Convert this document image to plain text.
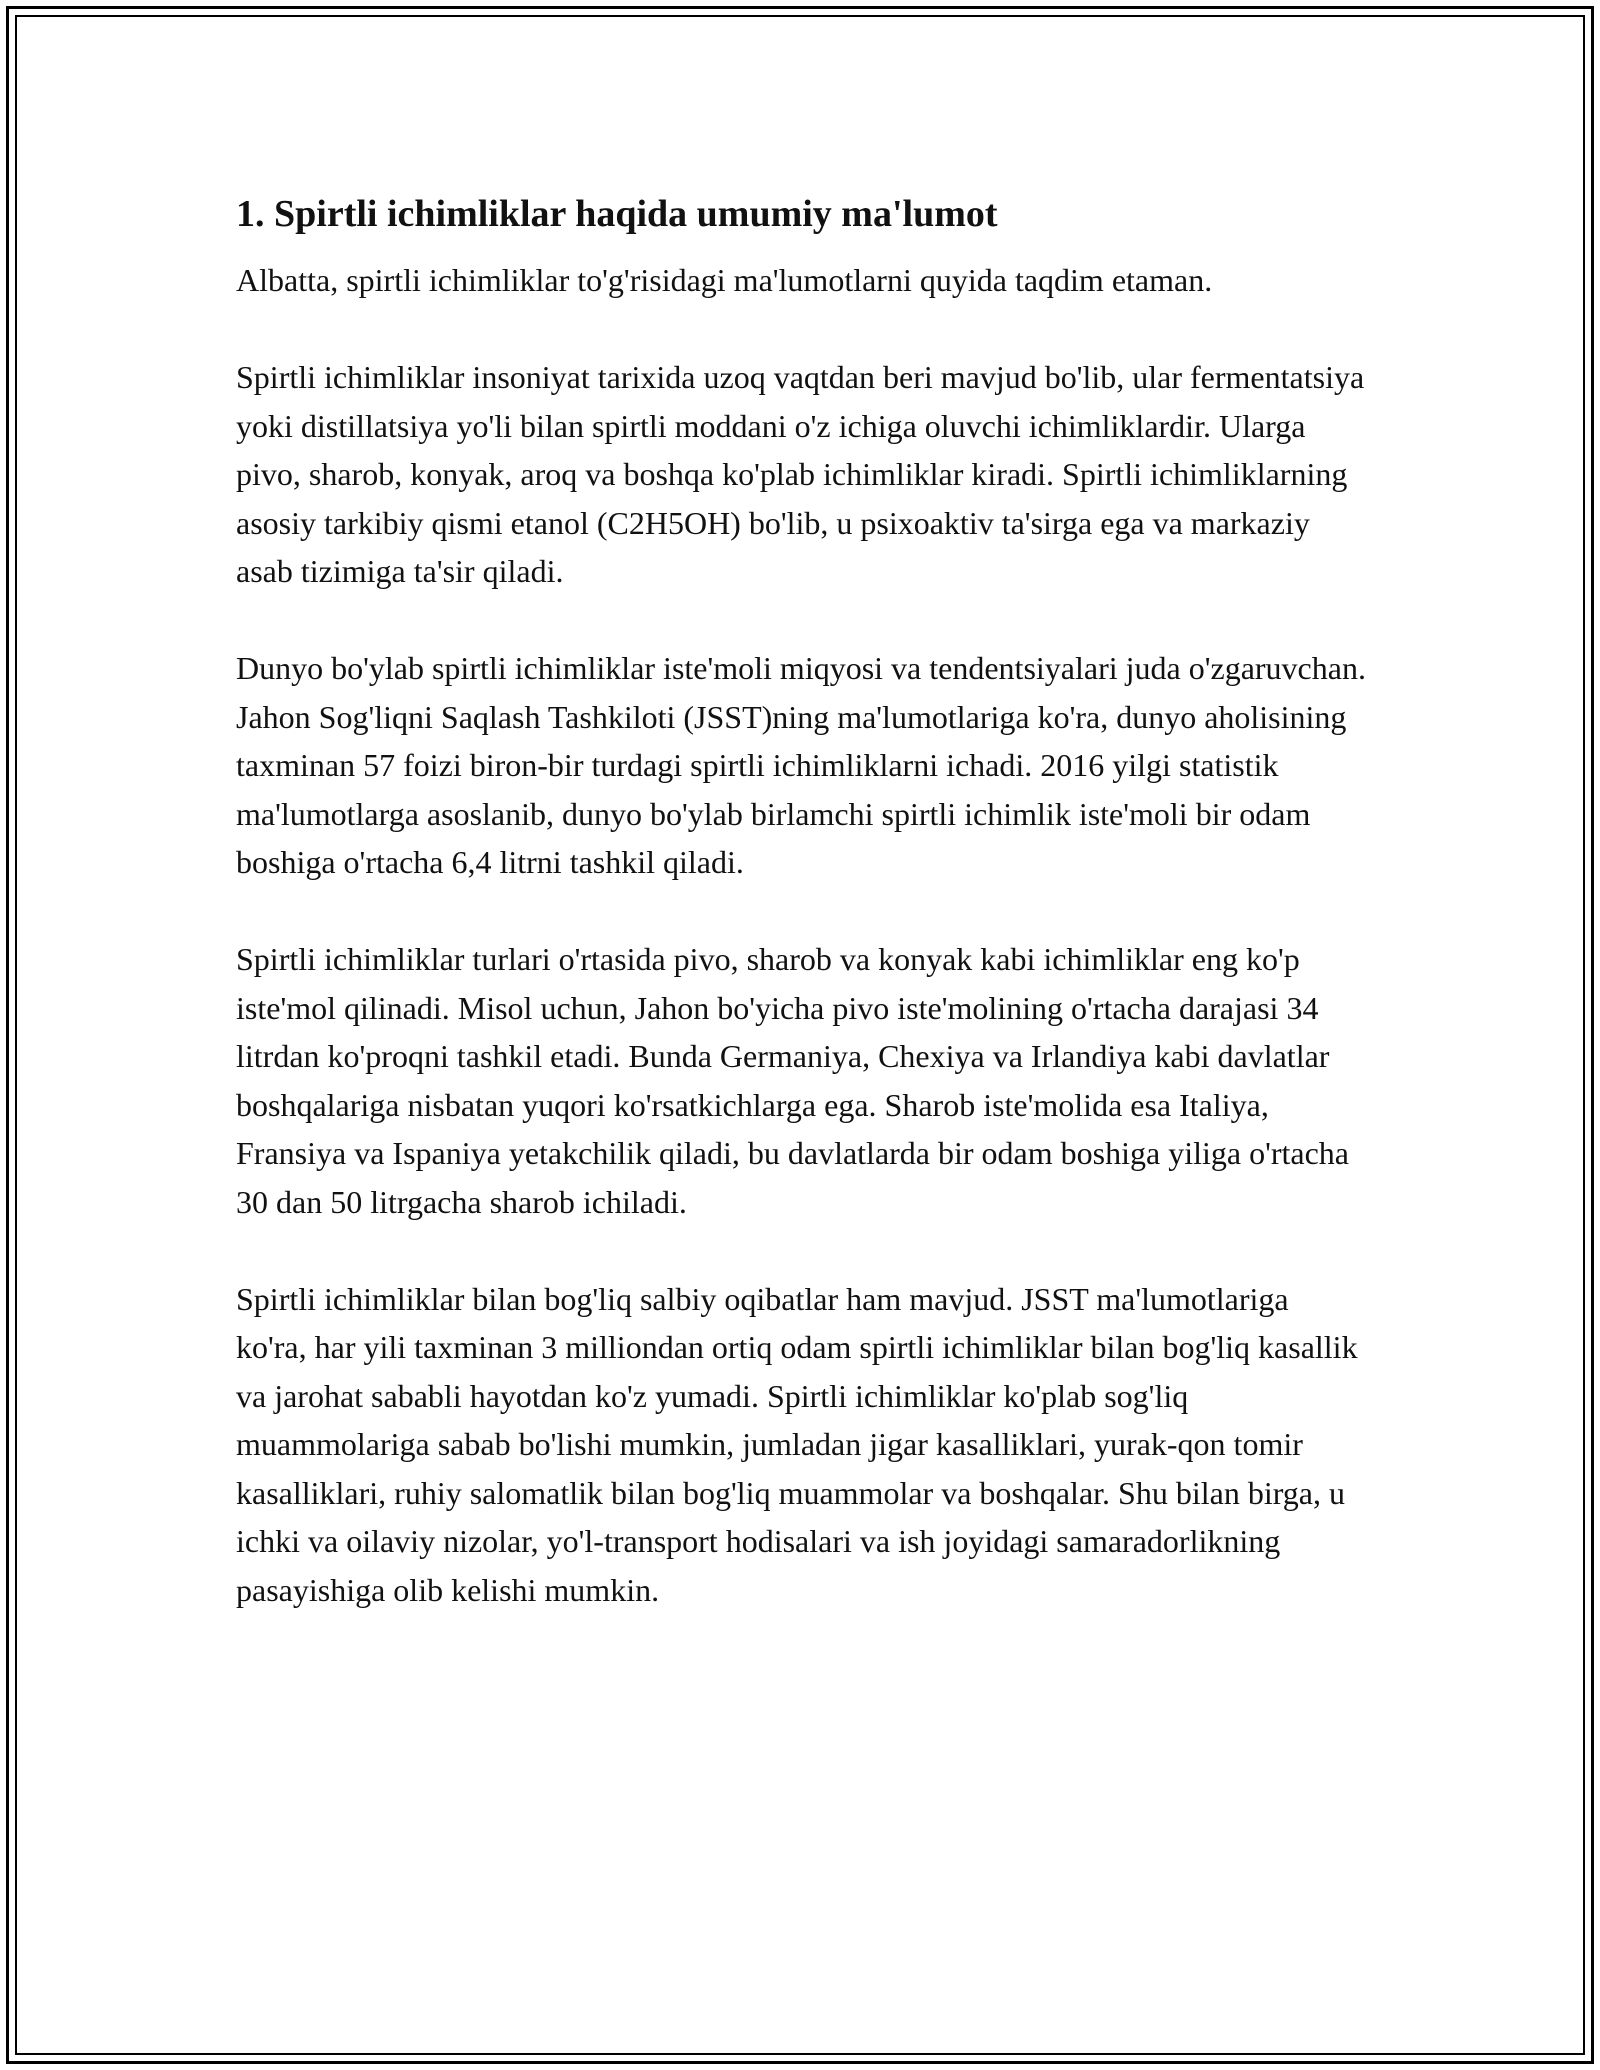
1. Spirtli ichimliklar haqida umumiy ma'lumot

Albatta, spirtli ichimliklar to'g'risidagi ma'lumotlarni quyida taqdim etaman.

Spirtli ichimliklar insoniyat tarixida uzoq vaqtdan beri mavjud bo'lib, ular fermentatsiya yoki distillatsiya yo'li bilan spirtli moddani o'z ichiga oluvchi ichimliklardir. Ularga pivo, sharob, konyak, aroq va boshqa ko'plab ichimliklar kiradi. Spirtli ichimliklarning asosiy tarkibiy qismi etanol (C2H5OH) bo'lib, u psixoaktiv ta'sirga ega va markaziy asab tizimiga ta'sir qiladi.

Dunyo bo'ylab spirtli ichimliklar iste'moli miqyosi va tendentsiyalari juda o'zgaruvchan. Jahon Sog'liqni Saqlash Tashkiloti (JSST)ning ma'lumotlariga ko'ra, dunyo aholisining taxminan 57 foizi biron-bir turdagi spirtli ichimliklarni ichadi. 2016 yilgi statistik ma'lumotlarga asoslanib, dunyo bo'ylab birlamchi spirtli ichimlik iste'moli bir odam boshiga o'rtacha 6,4 litrni tashkil qiladi.

Spirtli ichimliklar turlari o'rtasida pivo, sharob va konyak kabi ichimliklar eng ko'p iste'mol qilinadi. Misol uchun, Jahon bo'yicha pivo iste'molining o'rtacha darajasi 34 litrdan ko'proqni tashkil etadi. Bunda Germaniya, Chexiya va Irlandiya kabi davlatlar boshqalariga nisbatan yuqori ko'rsatkichlarga ega. Sharob iste'molida esa Italiya, Fransiya va Ispaniya yetakchilik qiladi, bu davlatlarda bir odam boshiga yiliga o'rtacha 30 dan 50 litrgacha sharob ichiladi.

Spirtli ichimliklar bilan bog'liq salbiy oqibatlar ham mavjud. JSST ma'lumotlariga ko'ra, har yili taxminan 3 milliondan ortiq odam spirtli ichimliklar bilan bog'liq kasallik va jarohat sababli hayotdan ko'z yumadi. Spirtli ichimliklar ko'plab sog'liq muammolariga sabab bo'lishi mumkin, jumladan jigar kasalliklari, yurak-qon tomir kasalliklari, ruhiy salomatlik bilan bog'liq muammolar va boshqalar. Shu bilan birga, u ichki va oilaviy nizolar, yo'l-transport hodisalari va ish joyidagi samaradorlikning pasayishiga olib kelishi mumkin.
